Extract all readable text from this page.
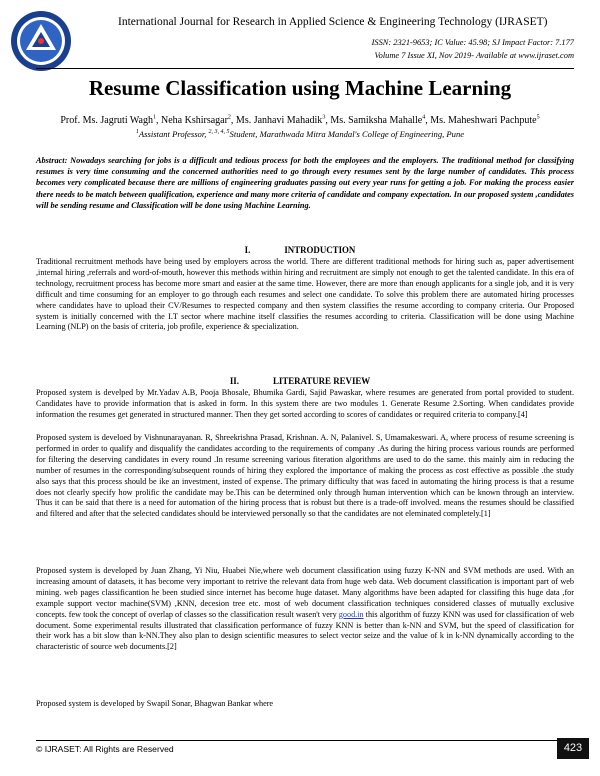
International Journal for Research in Applied Science & Engineering Technology (IJRASET)
ISSN: 2321-9653; IC Value: 45.98; SJ Impact Factor: 7.177
Volume 7 Issue XI, Nov 2019- Available at www.ijraset.com
Resume Classification using Machine Learning
Prof. Ms. Jagruti Wagh$^1$, Neha Kshirsagar$^2$, Ms. Janhavi Mahadik$^3$, Ms. Samiksha Mahalle$^4$, Ms. Maheshwari Pachpute$^5$
$^1$Assistant Professor, $^{2, 3, 4, 5}$Student, Marathwada Mitra Mandal's College of Engineering, Pune
Abstract: Nowadays searching for jobs is a difficult and tedious process for both the employees and the employers. The traditional method for classifying resumes is very time consuming and the concerned authorities need to go through every resumes sent by the large number of candidates. This process becomes very complicated because there are millions of engineering graduates passing out every year runs for getting a job. For making the process easier there needs to be match between qualification, experience and many more criteria of candidate and company expectation. In our proposed system ,candidates will be sending resume and Classification will be done using Machine Learning.
I.	INTRODUCTION

Traditional recruitment methods have being used by employers across the world. There are different traditional methods for hiring such as, paper advertisement ,internal hiring ,referrals and word-of-mouth, however this methods within hiring and recruitment are simply not enough to get the talented candidate. In this era of technology, recruitment process has become more smart and easier at the same time. However, there are more than enough applicants for a single job, and it is very difficult and time consuming for an employer to go through each resumes and select one candidate. To solve this problem there are automated hiring processes where candidates have to upload their CV/Resumes to respected company and then system classifies the resume according to company criteria. Our Proposed system is initially concerned with the I.T sector where machine itself classifies the resumes according to criteria. Classification will be done using Machine Learning (NLP) on the basis of criteria, job profile, experience & specialization.

II.	LITERATURE REVIEW

Proposed system is develped by Mr.Yadav A.B, Pooja Bhosale, Bhumika Gardi, Sajid Pawaskar, where resumes are generated from portal provided to student. Candidates have to provide information that is asked in form. In this system there are two modules 1. Generate Resume 2.Sorting. When candidates provide information the resumes get generated in structured manner. Then they get sorted according to scores of candidates or required criteria to company.[4]

Proposed system is develoed by Vishnunarayanan. R, Shreekrishna Prasad, Krishnan. A. N, Palanivel. S, Umamakeswari. A, where process of resume screening is performed in order to qualify and disqualify the candidates according to the requirements of company .As during the hiring process various rounds are performed for filtering the deserving candidates in every round .In resume screening various fiteration algorithms are used to do the same. this mainly aim in reducing the number of resumes in the corresponding/subsequent rounds of hiring they explored the importance of making the process as cost effective as possible .the study also says that this process should be ike an investment, insted of expense. The primary difficulty that was faced in automating the hiring process is that a resume does not clearly specify how prolific the candidate may be.This can be determined only through human intervention which can be known through an interview. Thus it can be said that there is a need for automation of the hiring process that is robust but there is a trade-off involved. means the resumes should be classified and filtered and after that the selected candidates should be interviewed personally so that the candidates are not eleminated completely.[1]

Proposed system is developed by Juan Zhang, Yi Niu, Huabei Nie,where web document classification using fuzzy K-NN and SVM methods are used. With an increasing amount of datasets, it has become very important to retrive the relevant data from huge web data. Web document classification is important part of web mining. web pages classificantion he been studied since internet has become huge dataset. Many algorithms have been adapted for classifing this huge data ,for example support vector machine(SVM) ,KNN, decesion tree etc. most of web document classification techniques considered classes of mutually exclusive concepts. few took the concept of overlap of classes so the classification result wasen't very good.in this algorithm of fuzzy KNN was used for classification of web document. Some experimental results illustrated that classification performance of fuzzy KNN is better than k-NN and SVM, but the speed of classification for their work has a bit slow than k-NN.They also plan to design scientific measures to select vector seize and the value of k in k-NN dynamically according to the characteristic of source web documents.[2]

Proposed system is developed by Swapil Sonar, Bhagwan Bankar where

© IJRASET: All Rights are Reserved	423
